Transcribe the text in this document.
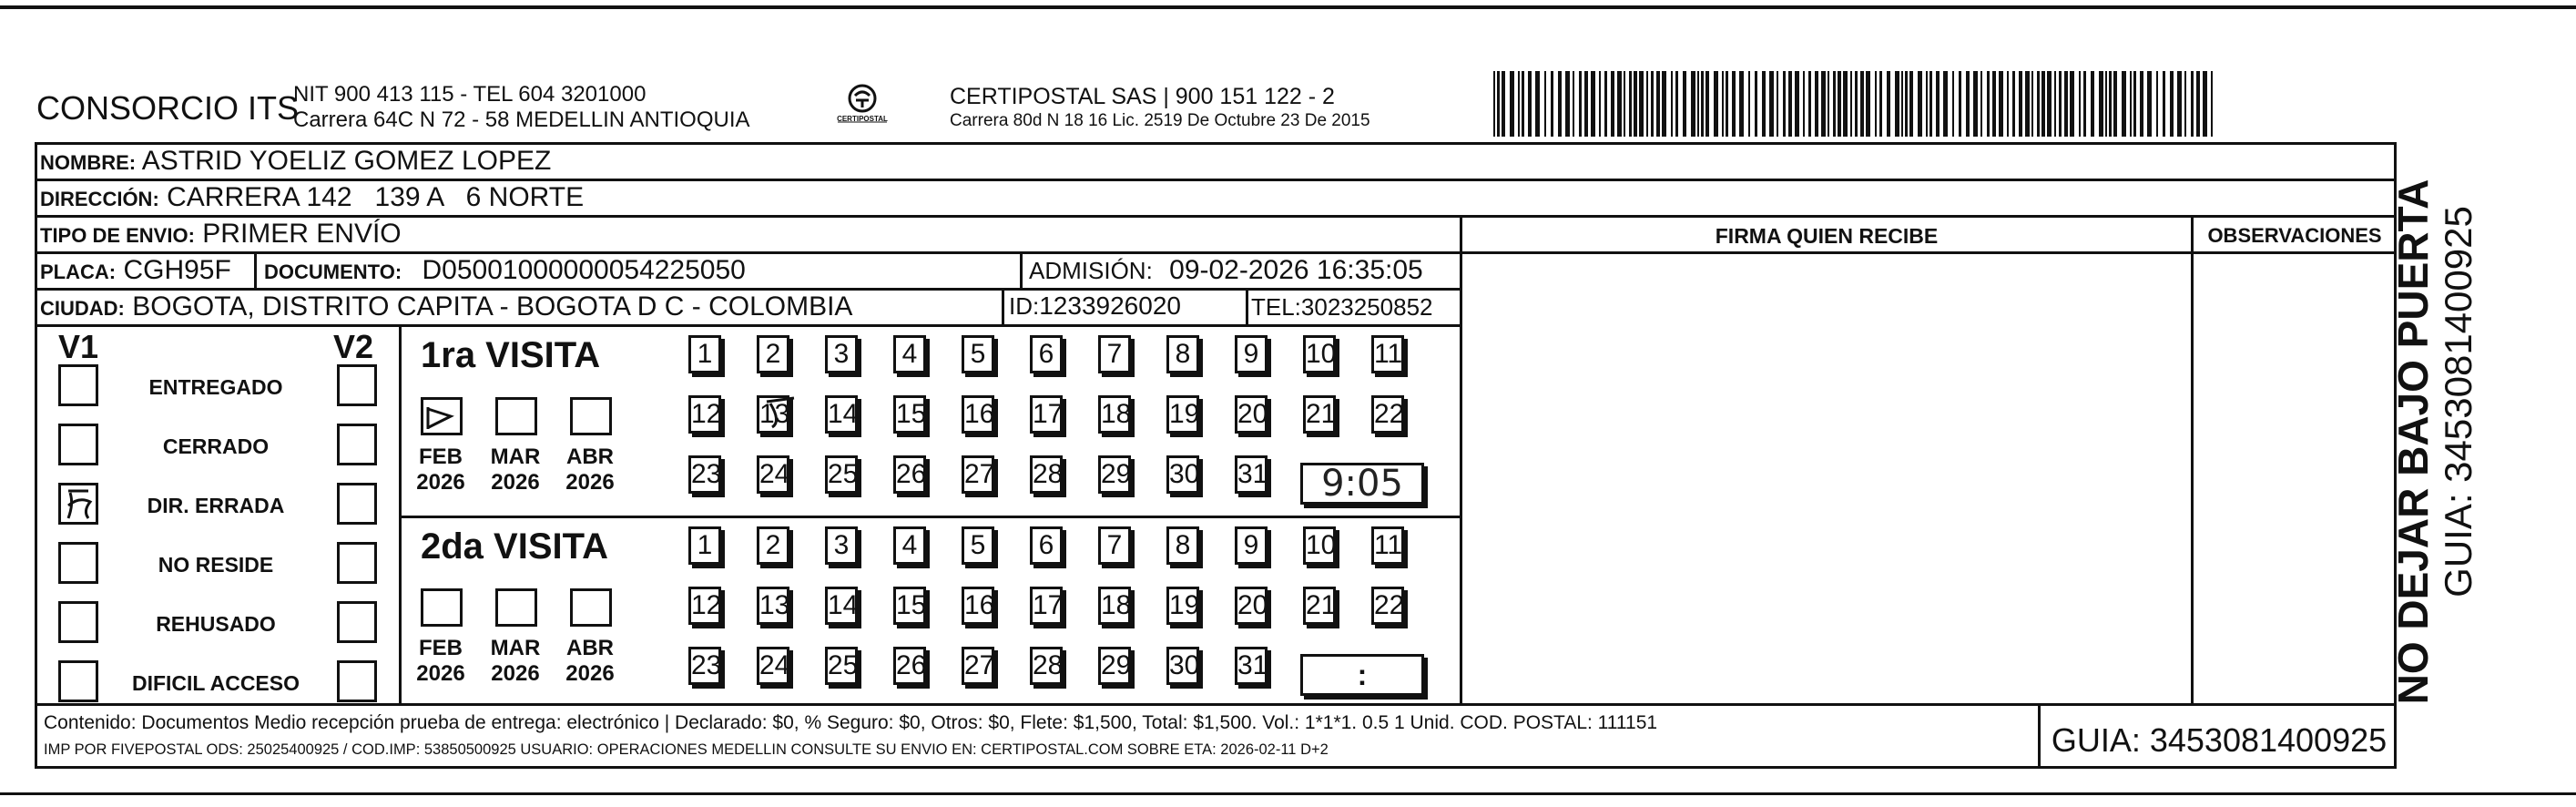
CONSORCIO ITS
NIT 900 413 115 - TEL 604 3201000
Carrera 64C N 72 - 58 MEDELLIN ANTIOQUIA	CERTIPOSTAL
CERTIPOSTAL SAS | 900 151 122 - 2
Carrera 80d N 18 16 Lic. 2519 De Octubre 23 De 2015
NOMBRE: ASTRID YOELIZ GOMEZ LOPEZ
DIRECCIÓN: CARRERA 142   139 A   6 NORTE
TIPO DE ENVIO: PRIMER ENVÍO
PLACA: CGH95F DOCUMENTO: D05001000000054225050	ADMISIÓN: 09-02-2026 16:35:05
CIUDAD: BOGOTA, DISTRITO CAPITA - BOGOTA D C - COLOMBIA	ID:1233926020	TEL:3023250852
FIRMA QUIEN RECIBE	OBSERVACIONES
V1	V2
ENTREGADO
CERRADO
DIR. ERRADA
NO RESIDE
REHUSADO
DIFICIL ACCESO
1ra VISITA
2da VISITA
FEB
2026
MAR
2026
ABR
2026
FEB
2026
MAR
2026
ABR
2026
1	2	3	4	5	6	7	8	9	10 11
12 13 14 15 16 17 18 19 20 21 22
23 24 25 26 27 28 29 30 31
1	2	3	4	5	6	7	8	9	10 11
12 13 14 15 16 17 18 19 20 21 22
23 24 25 26 27 28 29 30 31
9:05
:
Contenido: Documentos Medio recepción prueba de entrega: electrónico | Declarado: $0, % Seguro: $0, Otros: $0, Flete: $1,500, Total: $1,500. Vol.: 1*1*1. 0.5 1 Unid. COD. POSTAL: 111151
IMP POR FIVEPOSTAL ODS: 25025400925 / COD.IMP: 53850500925 USUARIO: OPERACIONES MEDELLIN CONSULTE SU ENVIO EN: CERTIPOSTAL.COM SOBRE ETA: 2026-02-11 D+2	GUIA: 3453081400925
NO DEJAR BAJO PUERTA GUIA: 3453081400925
